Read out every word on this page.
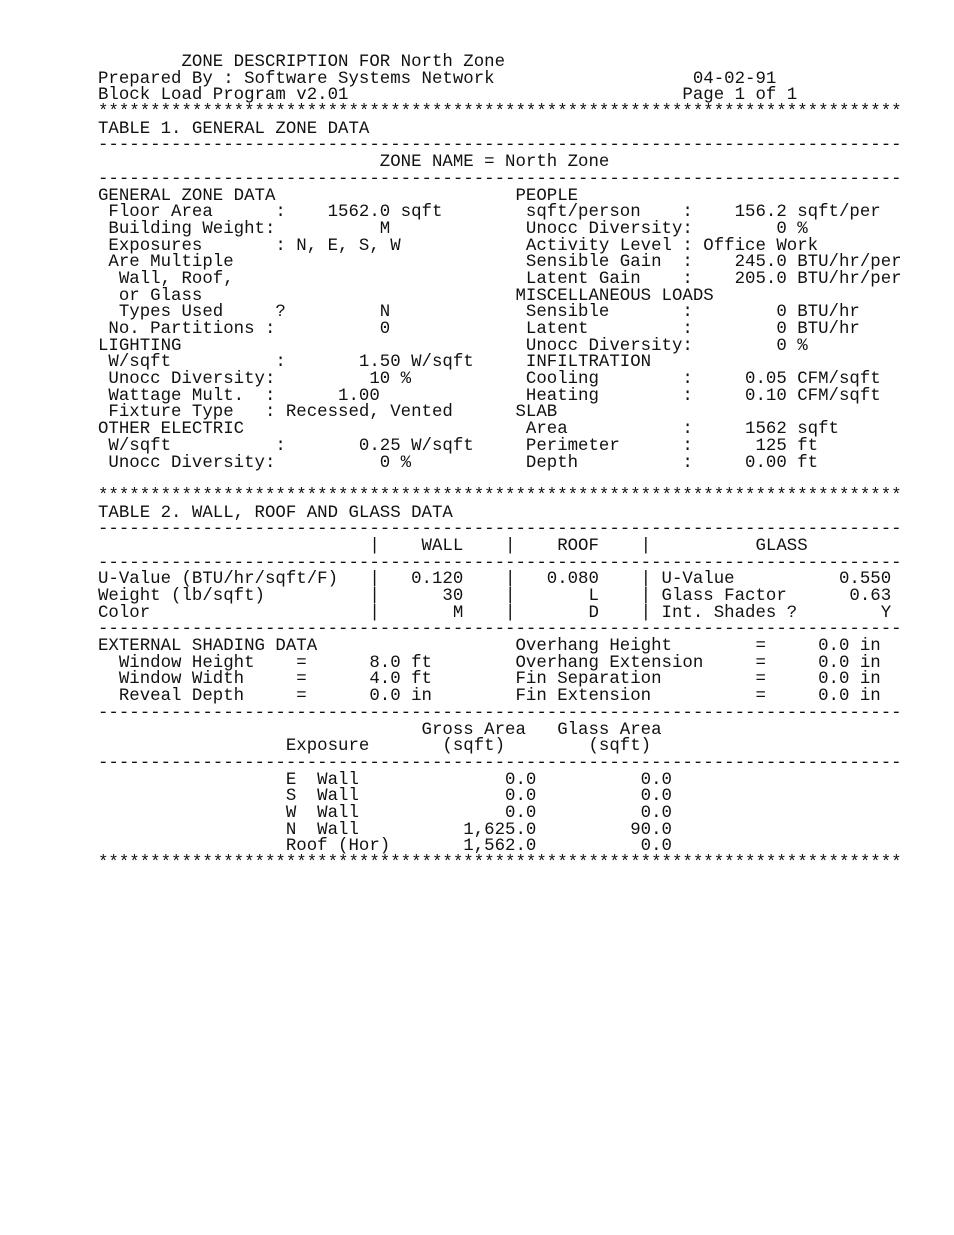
ZONE DESCRIPTION FOR North Zone
Prepared By : Software Systems Network                   04-02-91
Block Load Program v2.01                                Page 1 of 1
*****************************************************************************
TABLE 1. GENERAL ZONE DATA
-----------------------------------------------------------------------------
ZONE NAME = North Zone
-----------------------------------------------------------------------------
GENERAL ZONE DATA                       PEOPLE
Floor Area      :    1562.0 sqft        sqft/person    :    156.2 sqft/per
Building Weight:          M             Unocc Diversity:        0 %
Exposures       : N, E, S, W            Activity Level : Office Work
Are Multiple                            Sensible Gain  :    245.0 BTU/hr/per
Wall, Roof,                            Latent Gain    :    205.0 BTU/hr/per
or Glass                              MISCELLANEOUS LOADS
Types Used     ?         N             Sensible       :        0 BTU/hr
No. Partitions :          0             Latent         :        0 BTU/hr
LIGHTING                                 Unocc Diversity:        0 %
W/sqft          :       1.50 W/sqft     INFILTRATION
Unocc Diversity:         10 %           Cooling        :     0.05 CFM/sqft
Wattage Mult.  :      1.00              Heating        :     0.10 CFM/sqft
Fixture Type   : Recessed, Vented      SLAB
OTHER ELECTRIC                           Area           :     1562 sqft
W/sqft          :       0.25 W/sqft     Perimeter      :      125 ft
Unocc Diversity:          0 %           Depth          :     0.00 ft
*****************************************************************************
TABLE 2. WALL, ROOF AND GLASS DATA
-----------------------------------------------------------------------------
|    WALL    |    ROOF    |          GLASS
-----------------------------------------------------------------------------
U-Value (BTU/hr/sqft/F)   |   0.120    |   0.080    | U-Value          0.550
Weight (lb/sqft)          |      30    |       L    | Glass Factor      0.63
Color                     |       M    |       D    | Int. Shades ?        Y
-----------------------------------------------------------------------------
EXTERNAL SHADING DATA                   Overhang Height        =     0.0 in
Window Height    =      8.0 ft        Overhang Extension     =     0.0 in
Window Width     =      4.0 ft        Fin Separation         =     0.0 in
Reveal Depth     =      0.0 in        Fin Extension          =     0.0 in
-----------------------------------------------------------------------------
Gross Area   Glass Area
Exposure       (sqft)        (sqft)
-----------------------------------------------------------------------------
E  Wall              0.0          0.0
S  Wall              0.0          0.0
W  Wall              0.0          0.0
N  Wall          1,625.0         90.0
Roof (Hor)       1,562.0          0.0
*****************************************************************************
